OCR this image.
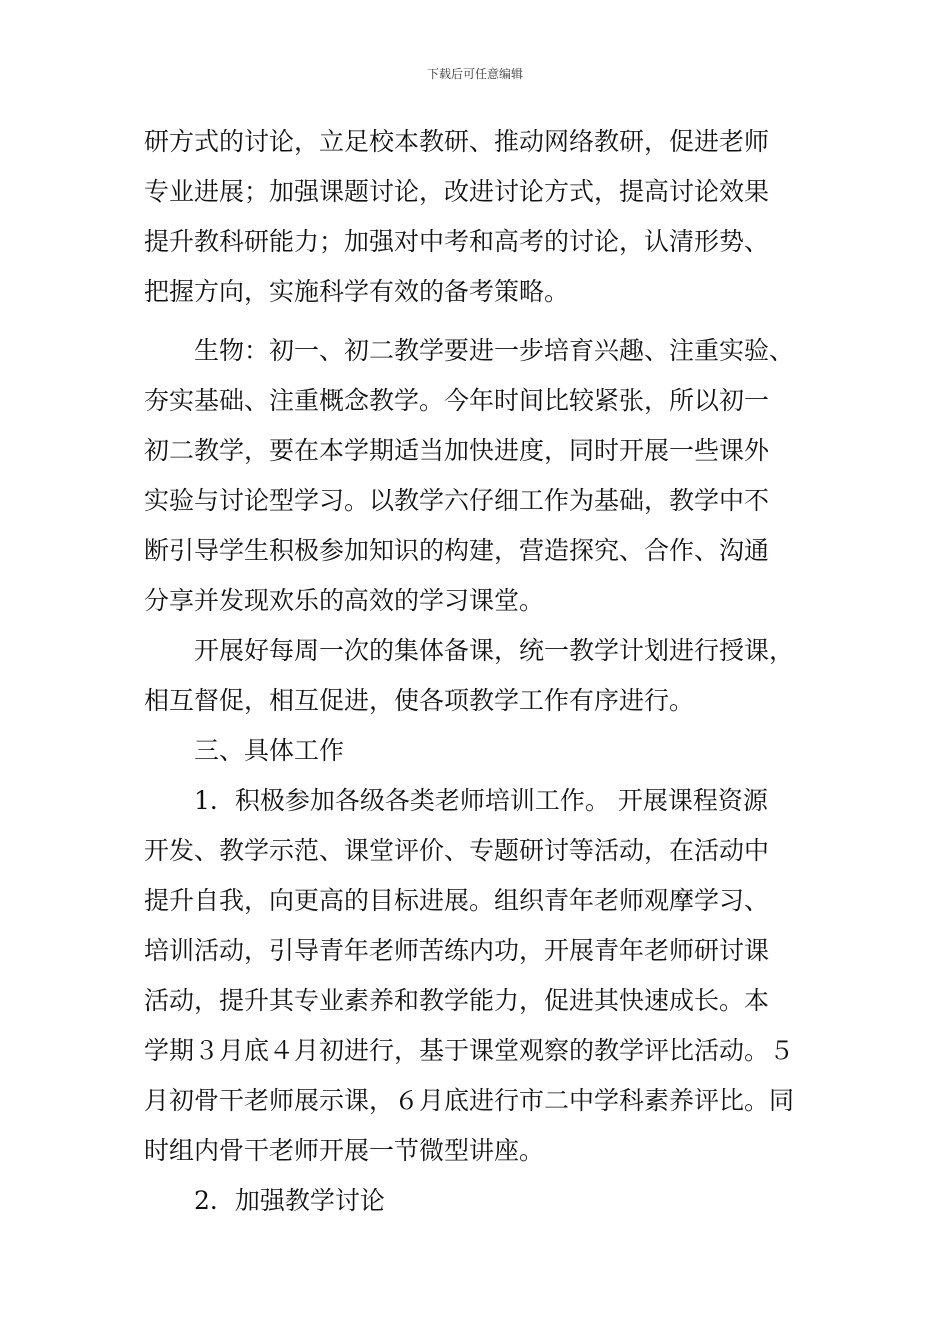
下载后可任意编辑
研方式的讨论，立足校本教研、推动网络教研，促进老师
专业进展；加强课题讨论，改进讨论方式，提高讨论效果
提升教科研能力；加强对中考和高考的讨论，认清形势、
把握方向，实施科学有效的备考策略。
生物：初一、初二教学要进一步培育兴趣、注重实验、
夯实基础、注重概念教学。今年时间比较紧张，所以初一
初二教学，要在本学期适当加快进度，同时开展一些课外
实验与讨论型学习。以教学六仔细工作为基础，教学中不
断引导学生积极参加知识的构建，营造探究、合作、沟通
分享并发现欢乐的高效的学习课堂。
开展好每周一次的集体备课，统一教学计划进行授课，
相互督促，相互促进，使各项教学工作有序进行。
三、具体工作
1．积极参加各级各类老师培训工作。 开展课程资源
开发、教学示范、课堂评价、专题研讨等活动，在活动中
提升自我，向更高的目标进展。组织青年老师观摩学习、
培训活动，引导青年老师苦练内功，开展青年老师研讨课
活动，提升其专业素养和教学能力，促进其快速成长。本
学期３月底４月初进行，基于课堂观察的教学评比活动。５
月初骨干老师展示课，６月底进行市二中学科素养评比。同
时组内骨干老师开展一节微型讲座。
2．加强教学讨论
